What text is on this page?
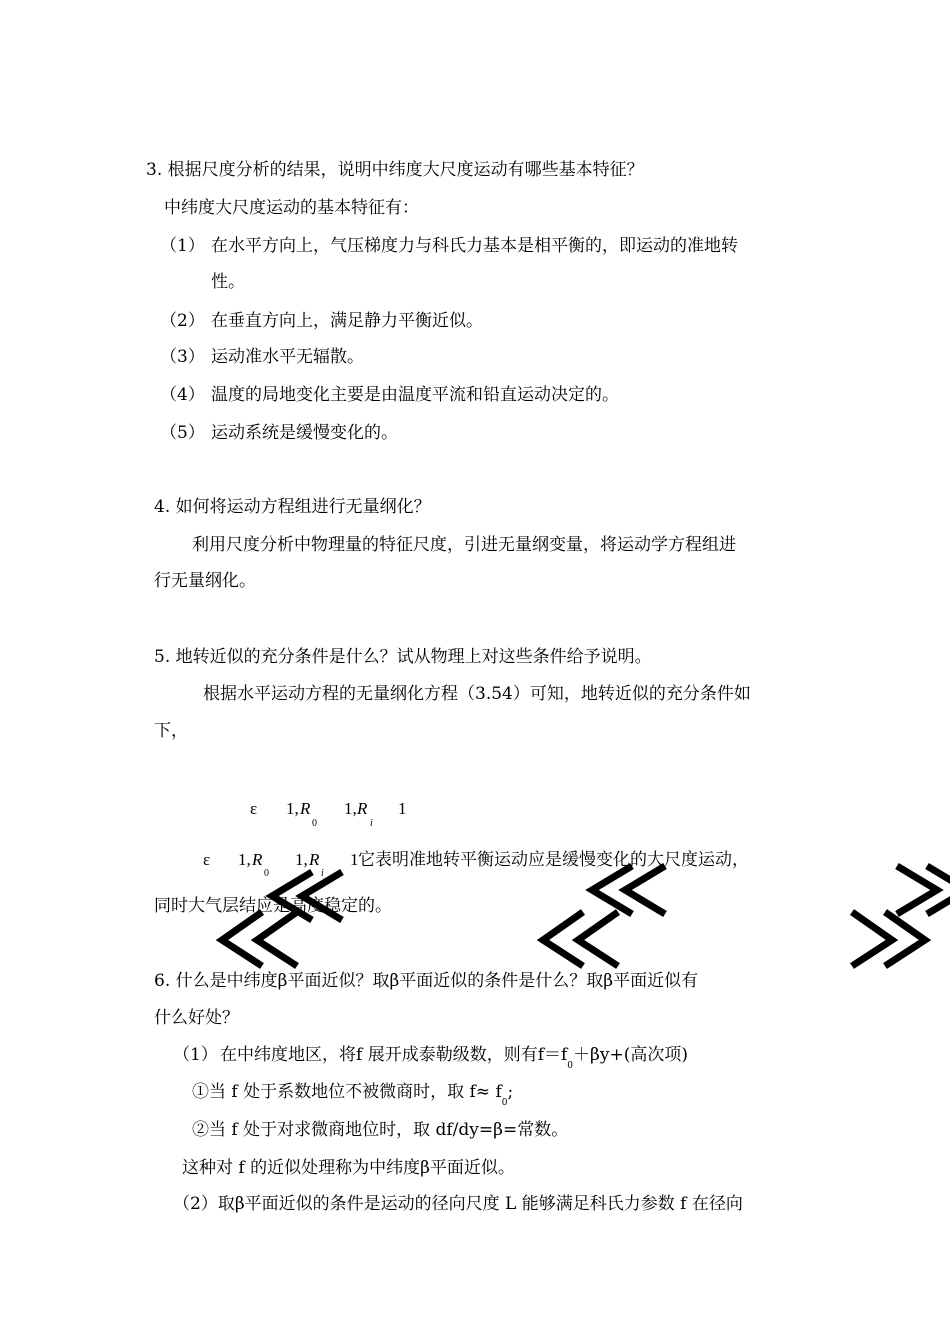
3. 根据尺度分析的结果，说明中纬度大尺度运动有哪些基本特征？
中纬度大尺度运动的基本特征有：
（1） 在水平方向上，气压梯度力与科氏力基本是相平衡的，即运动的准地转
性。
（2） 在垂直方向上，满足静力平衡近似。
（3） 运动准水平无辐散。
（4） 温度的局地变化主要是由温度平流和铅直运动决定的。
（5） 运动系统是缓慢变化的。
4. 如何将运动方程组进行无量纲化？
利用尺度分析中物理量的特征尺度，引进无量纲变量，将运动学方程组进
行无量纲化。
5. 地转近似的充分条件是什么？试从物理上对这些条件给予说明。
根据水平运动方程的无量纲化方程（3.54）可知，地转近似的充分条件如
下，
ε 1, R
0
1, R
i
1
ε 1, R
0
1, R
i
1 它表明准地转平衡运动应是缓慢变化的大尺度运动，
同时大气层结应是高度稳定的。
6. 什么是中纬度β平面近似？取β平面近似的条件是什么？取β平面近似有
什么好处？
（1） 在中纬度地区，将f 展开成泰勒级数，则有$f=f_0+\beta y+$(高次项)
①当 f 处于系数地位不被微商时，取 $f\approx f_0$;
②当 f 处于对求微商地位时，取 df/dy=β=常数。
这种对 f 的近似处理称为中纬度β平面近似。
（2）取β平面近似的条件是运动的径向尺度 L 能够满足科氏力参数 f 在径向
